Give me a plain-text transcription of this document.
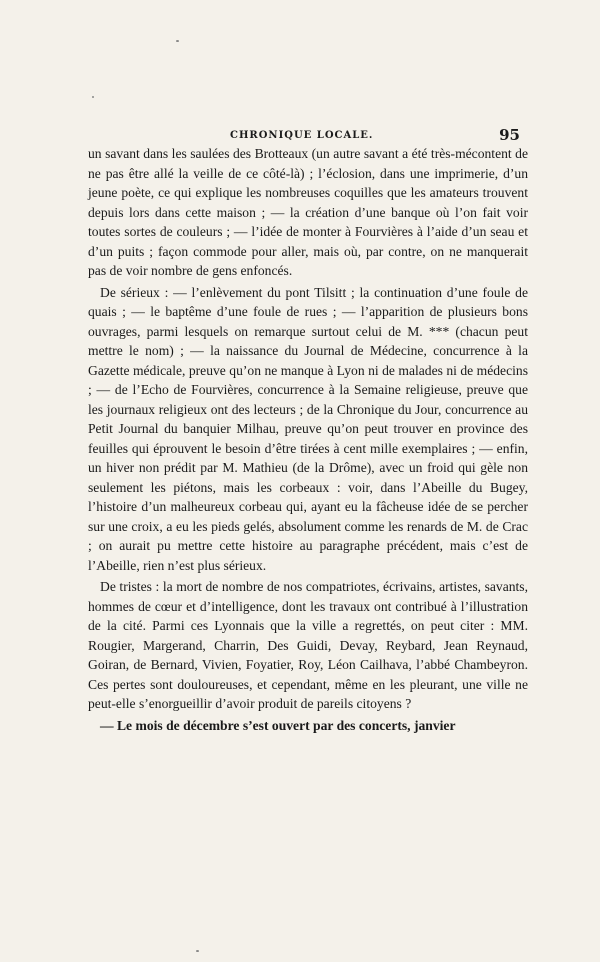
CHRONIQUE LOCALE.	95

un savant dans les saulées des Brotteaux (un autre savant a été très-mécontent de ne pas être allé la veille de ce côté-là) ; l’éclosion, dans une imprimerie, d’un jeune poète, ce qui explique les nombreuses coquilles que les amateurs trouvent depuis lors dans cette maison ; — la création d’une banque où l’on fait voir toutes sortes de couleurs ; — l’idée de monter à Fourvières à l’aide d’un seau et d’un puits ; façon commode pour aller, mais où, par contre, on ne manquerait pas de voir nombre de gens enfoncés.

De sérieux : — l’enlèvement du pont Tilsitt ; la continuation d’une foule de quais ; — le baptême d’une foule de rues ; — l’apparition de plusieurs bons ouvrages, parmi lesquels on remarque surtout celui de M. *** (chacun peut mettre le nom) ; — la naissance du Journal de Médecine, concurrence à la Gazette médicale, preuve qu’on ne manque à Lyon ni de malades ni de médecins ; — de l’Echo de Fourvières, concurrence à la Semaine religieuse, preuve que les journaux religieux ont des lecteurs ; de la Chronique du Jour, concurrence au Petit Journal du banquier Milhau, preuve qu’on peut trouver en province des feuilles qui éprouvent le besoin d’être tirées à cent mille exemplaires ; — enfin, un hiver non prédit par M. Mathieu (de la Drôme), avec un froid qui gèle non seulement les piétons, mais les corbeaux : voir, dans l’Abeille du Bugey, l’histoire d’un malheureux corbeau qui, ayant eu la fâcheuse idée de se percher sur une croix, a eu les pieds gelés, absolument comme les renards de M. de Crac ; on aurait pu mettre cette histoire au paragraphe précédent, mais c’est de l’Abeille, rien n’est plus sérieux.

De tristes : la mort de nombre de nos compatriotes, écrivains, artistes, savants, hommes de cœur et d’intelligence, dont les travaux ont contribué à l’illustration de la cité. Parmi ces Lyonnais que la ville a regrettés, on peut citer : MM. Rougier, Margerand, Charrin, Des Guidi, Devay, Reybard, Jean Reynaud, Goiran, de Bernard, Vivien, Foyatier, Roy, Léon Cailhava, l’abbé Chambeyron. Ces pertes sont douloureuses, et cependant, même en les pleurant, une ville ne peut-elle s’enorgueillir d’avoir produit de pareils citoyens ?

— Le mois de décembre s’est ouvert par des concerts, janvier
